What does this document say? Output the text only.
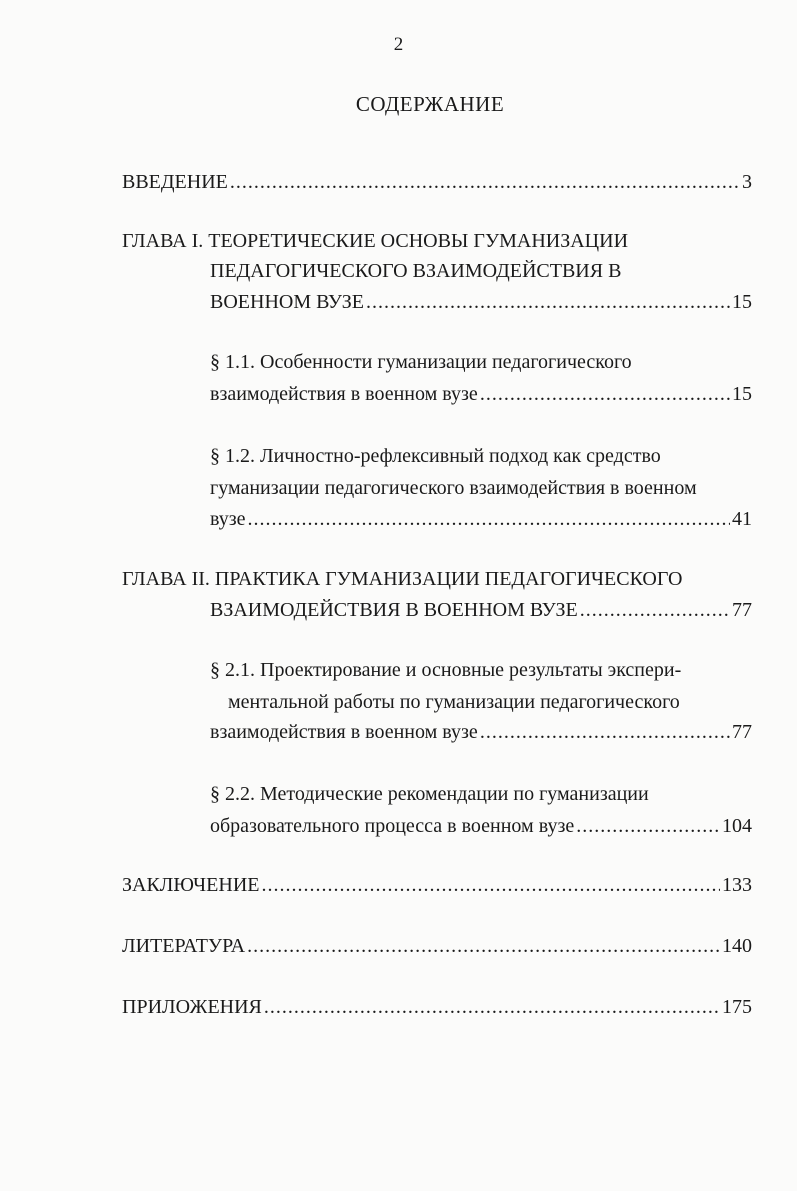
2
СОДЕРЖАНИЕ
ВВЕДЕНИЕ .....	3
ГЛАВА I. ТЕОРЕТИЧЕСКИЕ ОСНОВЫ ГУМАНИЗАЦИИ
ПЕДАГОГИЧЕСКОГО ВЗАИМОДЕЙСТВИЯ В
ВОЕННОМ ВУЗЕ .....	15
§ 1.1. Особенности гуманизации педагогического
взаимодействия в военном вузе .....	15
§ 1.2. Личностно-рефлексивный подход как средство
гуманизации педагогического взаимодействия в военном
вузе .....	41
ГЛАВА II. ПРАКТИКА ГУМАНИЗАЦИИ ПЕДАГОГИЧЕСКОГО
ВЗАИМОДЕЙСТВИЯ В ВОЕННОМ ВУЗЕ .....	77
§ 2.1. Проектирование и основные результаты экспери-
ментальной работы по гуманизации педагогического
взаимодействия в военном вузе .....	77
§ 2.2. Методические рекомендации по гуманизации
образовательного процесса в военном вузе .....	104
ЗАКЛЮЧЕНИЕ .....	133
ЛИТЕРАТУРА .....	140
ПРИЛОЖЕНИЯ .....	175
